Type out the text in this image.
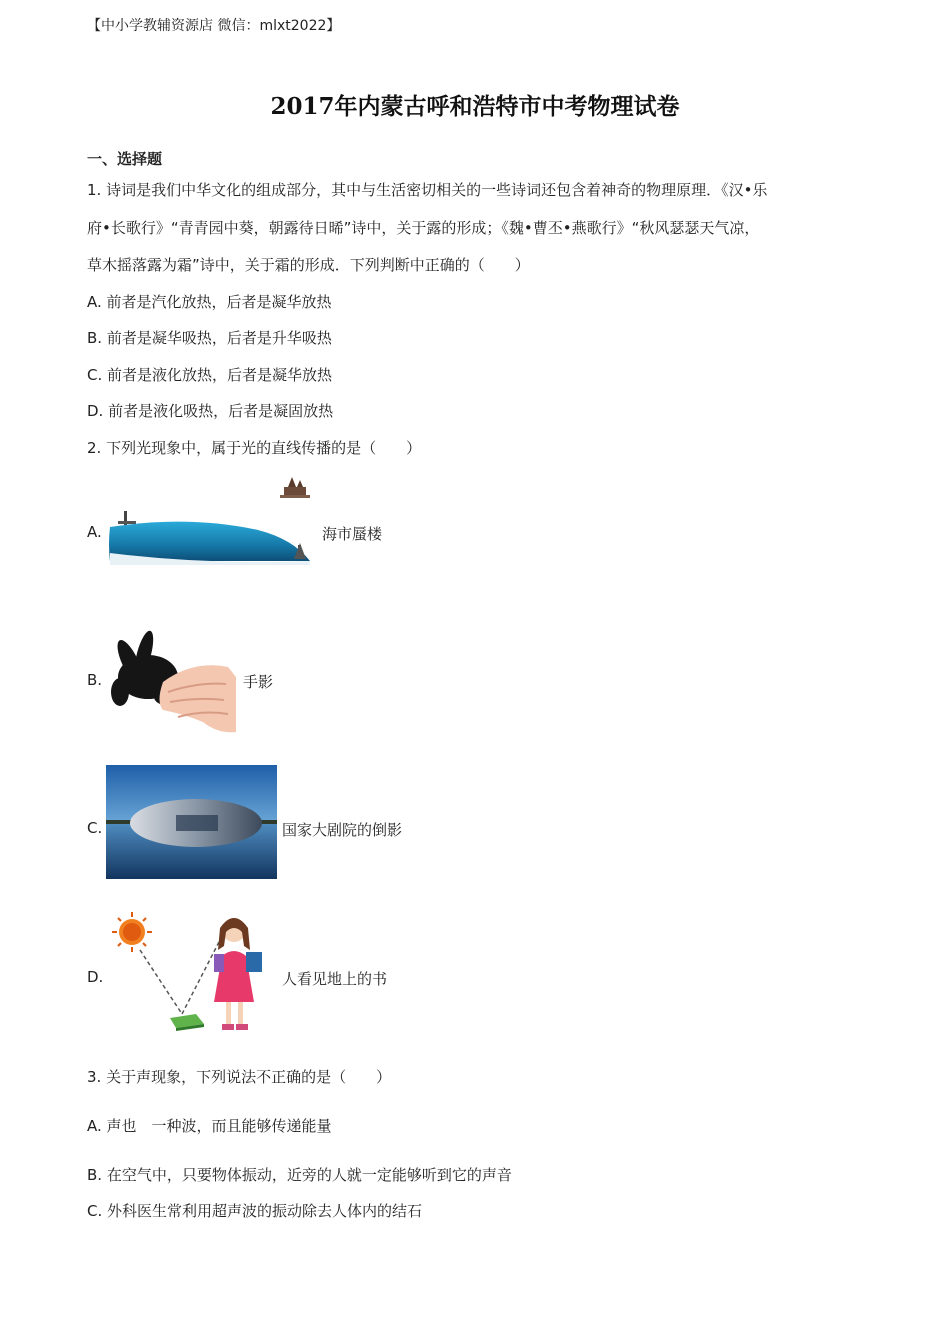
【中小学教辅资源店 微信：mlxt2022】
2017年内蒙古呼和浩特市中考物理试卷
一、选择题
1. 诗词是我们中华文化的组成部分，其中与生活密切相关的一些诗词还包含着神奇的物理原理．《汉•乐
府•长歌行》“青青园中葵，朝露待日晞”诗中，关于露的形成；《魏•曹丕•燕歌行》“秋风瑟瑟天气凉，
草木摇落露为霜”诗中，关于霜的形成．下列判断中正确的（　　）
A. 前者是汽化放热，后者是凝华放热
B. 前者是凝华吸热，后者是升华吸热
C. 前者是液化放热，后者是凝华放热
D. 前者是液化吸热，后者是凝固放热
2. 下列光现象中，属于光的直线传播的是（　　）
A.	海市蜃楼
B.	手影
C.	国家大剧院的倒影
D.	人看见地上的书
3. 关于声现象，下列说法不正确的是（　　）
A. 声也　一种波，而且能够传递能量
B. 在空气中，只要物体振动，近旁的人就一定能够听到它的声音
C. 外科医生常利用超声波的振动除去人体内的结石
